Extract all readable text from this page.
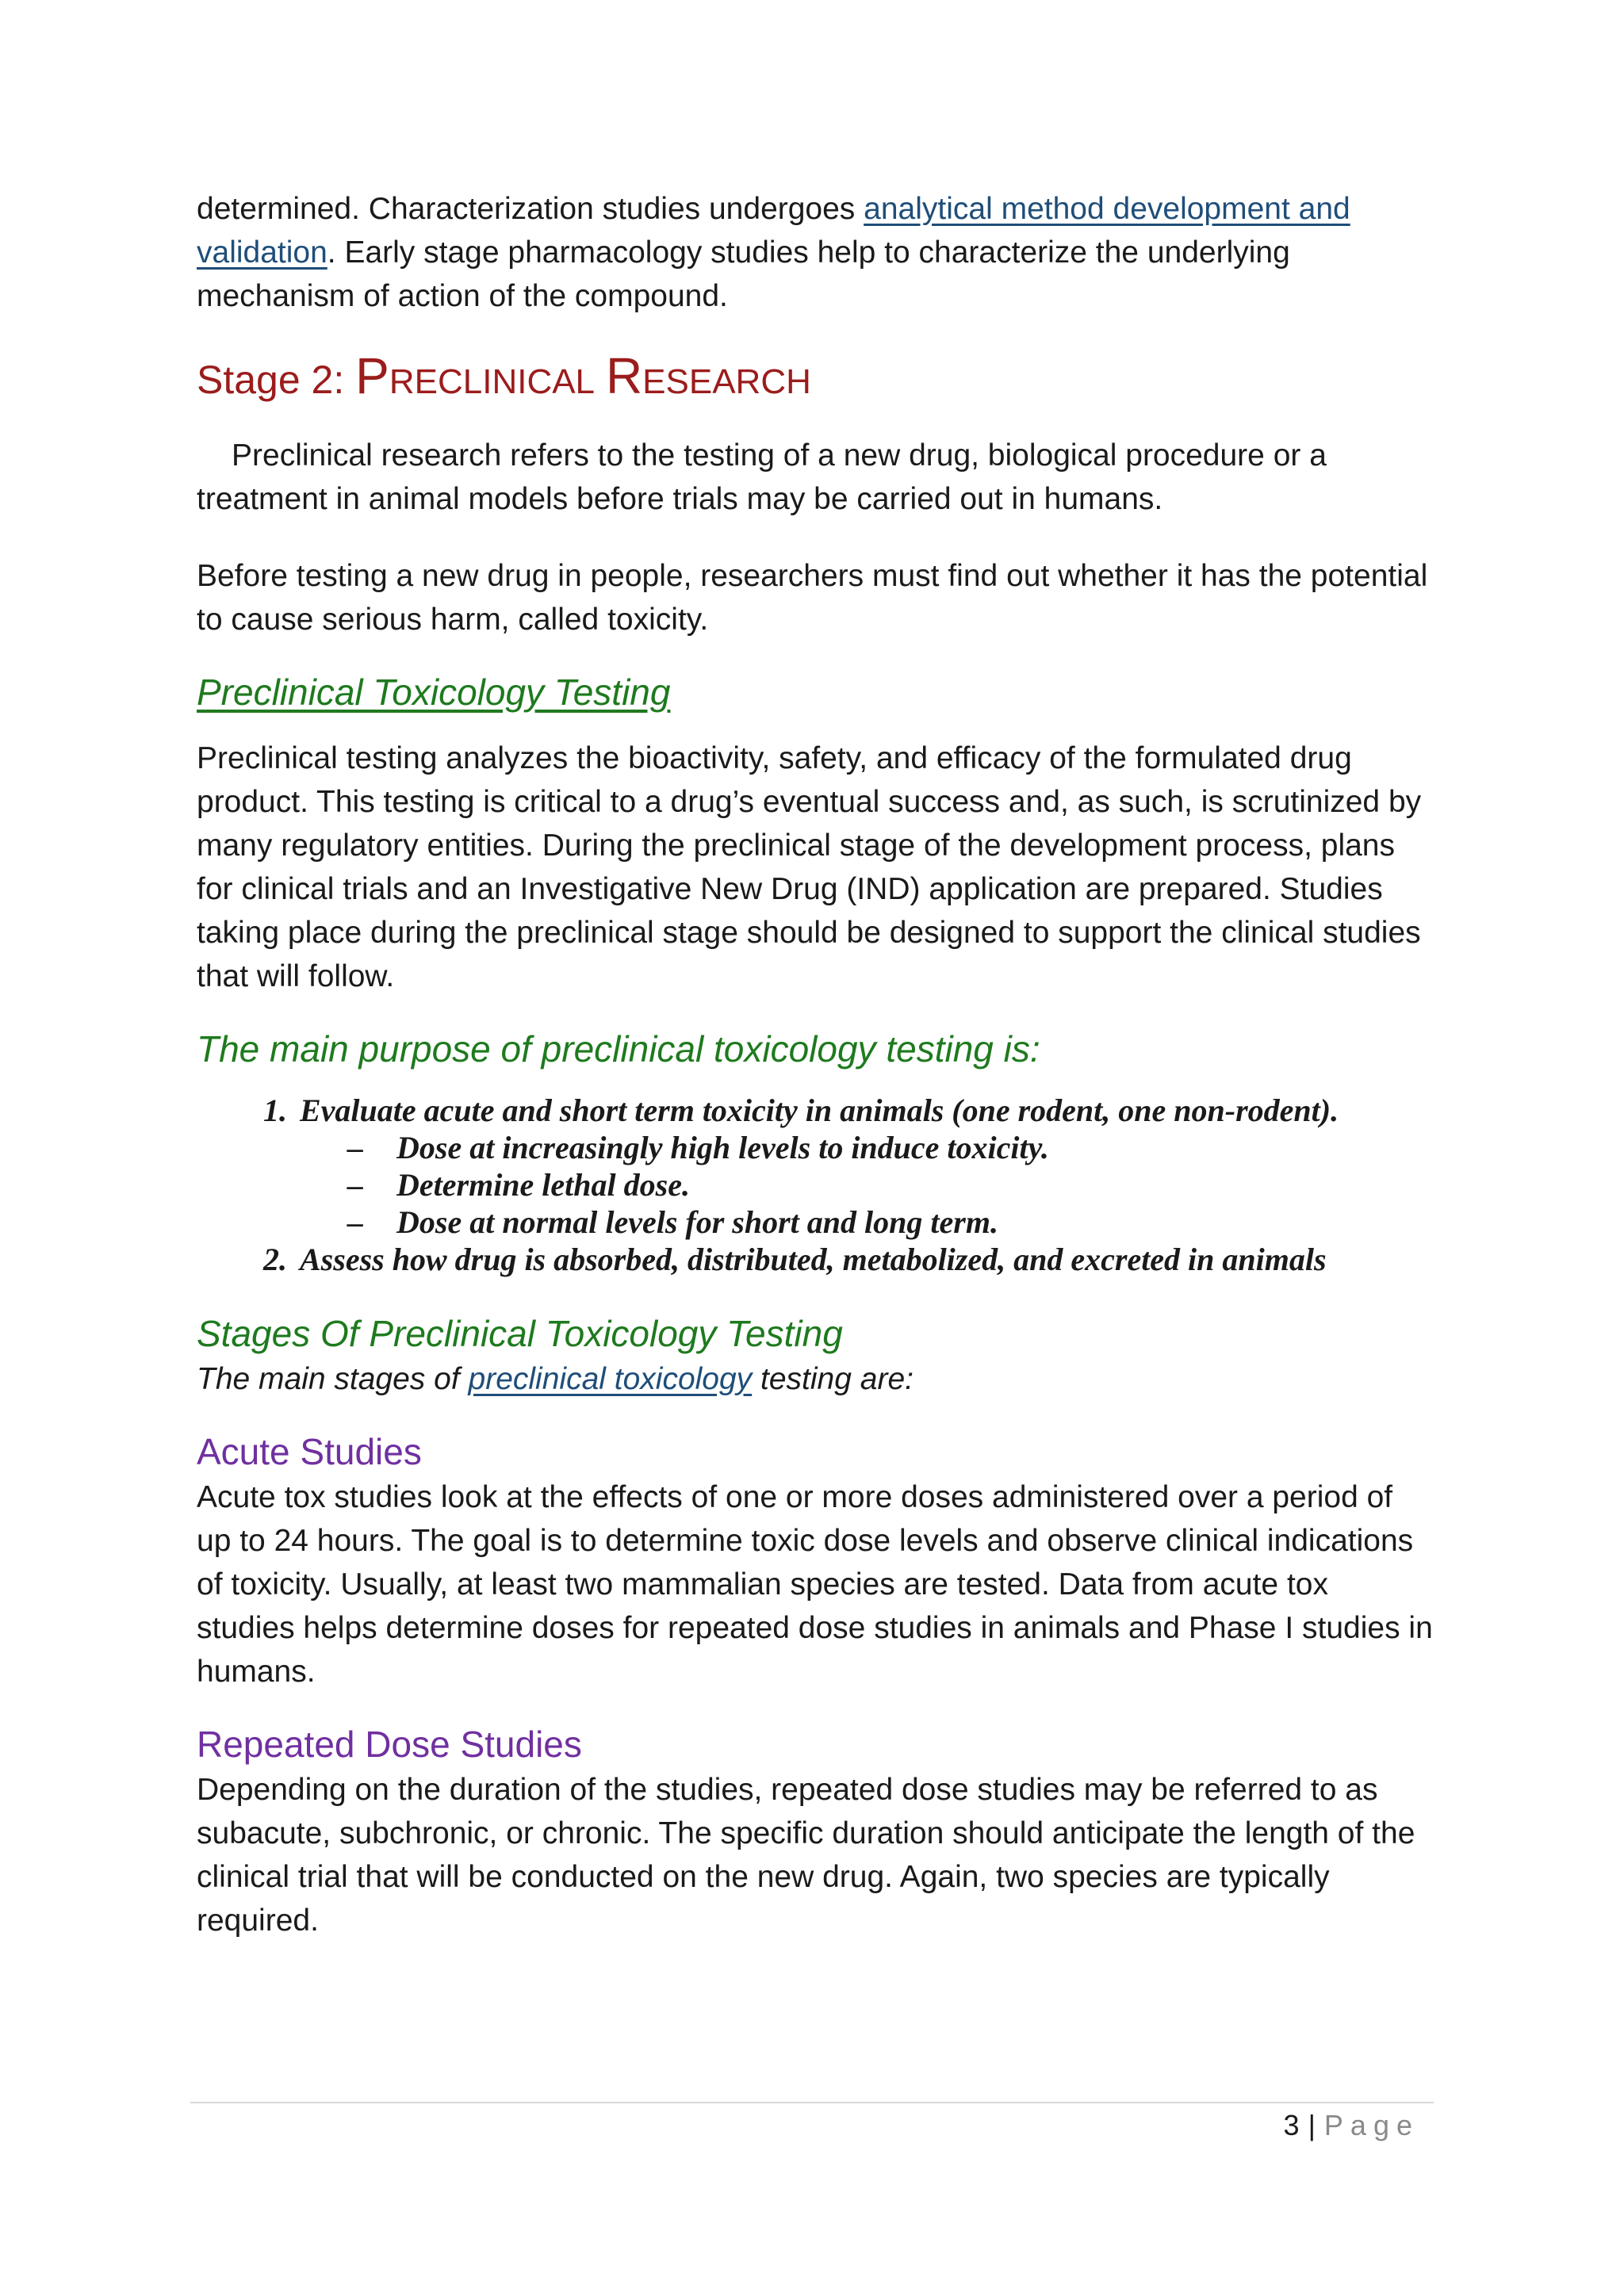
determined. Characterization studies undergoes analytical method development and validation. Early stage pharmacology studies help to characterize the underlying mechanism of action of the compound.

Stage 2: PRECLINICAL RESEARCH

Preclinical research refers to the testing of a new drug, biological procedure or a treatment in animal models before trials may be carried out in humans.

Before testing a new drug in people, researchers must find out whether it has the potential to cause serious harm, called toxicity.

Preclinical Toxicology Testing

Preclinical testing analyzes the bioactivity, safety, and efficacy of the formulated drug product. This testing is critical to a drug’s eventual success and, as such, is scrutinized by many regulatory entities. During the preclinical stage of the development process, plans for clinical trials and an Investigative New Drug (IND) application are prepared. Studies taking place during the preclinical stage should be designed to support the clinical studies that will follow.

The main purpose of preclinical toxicology testing is:
1. Evaluate acute and short term toxicity in animals (one rodent, one non-rodent).
– Dose at increasingly high levels to induce toxicity.
– Determine lethal dose.
– Dose at normal levels for short and long term.
2. Assess how drug is absorbed, distributed, metabolized, and excreted in animals
Stages Of Preclinical Toxicology Testing

The main stages of preclinical toxicology testing are:

Acute Studies

Acute tox studies look at the effects of one or more doses administered over a period of up to 24 hours. The goal is to determine toxic dose levels and observe clinical indications of toxicity. Usually, at least two mammalian species are tested. Data from acute tox studies helps determine doses for repeated dose studies in animals and Phase I studies in humans.

Repeated Dose Studies

Depending on the duration of the studies, repeated dose studies may be referred to as subacute, subchronic, or chronic. The specific duration should anticipate the length of the clinical trial that will be conducted on the new drug. Again, two species are typically required.

3 | Page
